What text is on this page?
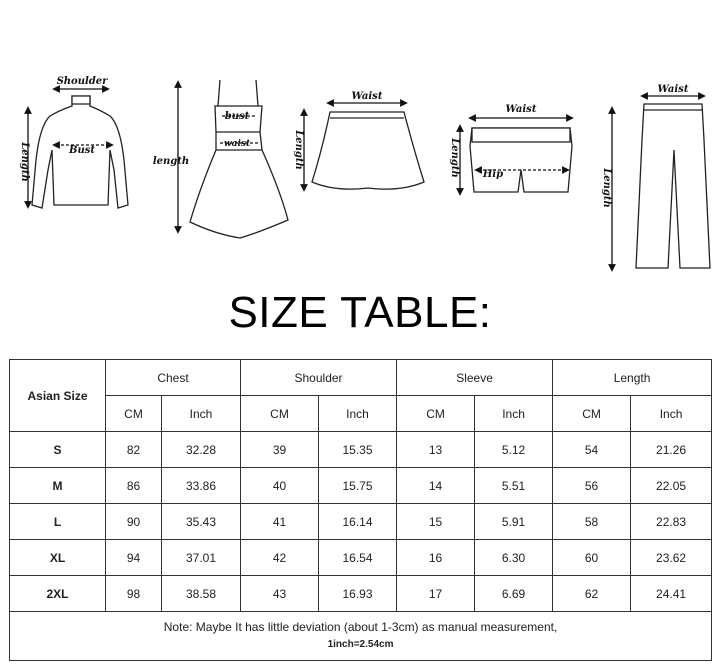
Shoulder
Bust
Length
bust
waist
length
Waist
Length
Waist
Hip
Length
Waist
Length
SIZE TABLE:
Asian Size	Chest		Shoulder		Sleeve		Length	
	CM	Inch	CM	Inch	CM	Inch	CM	Inch
S	82	32.28	39	15.35	13	5.12	54	21.26
M	86	33.86	40	15.75	14	5.51	56	22.05
L	90	35.43	41	16.14	15	5.91	58	22.83
XL	94	37.01	42	16.54	16	6.30	60	23.62
2XL	98	38.58	43	16.93	17	6.69	62	24.41

Note: Maybe It has little deviation (about 1-3cm) as manual measurement,
1inch=2.54cm								
